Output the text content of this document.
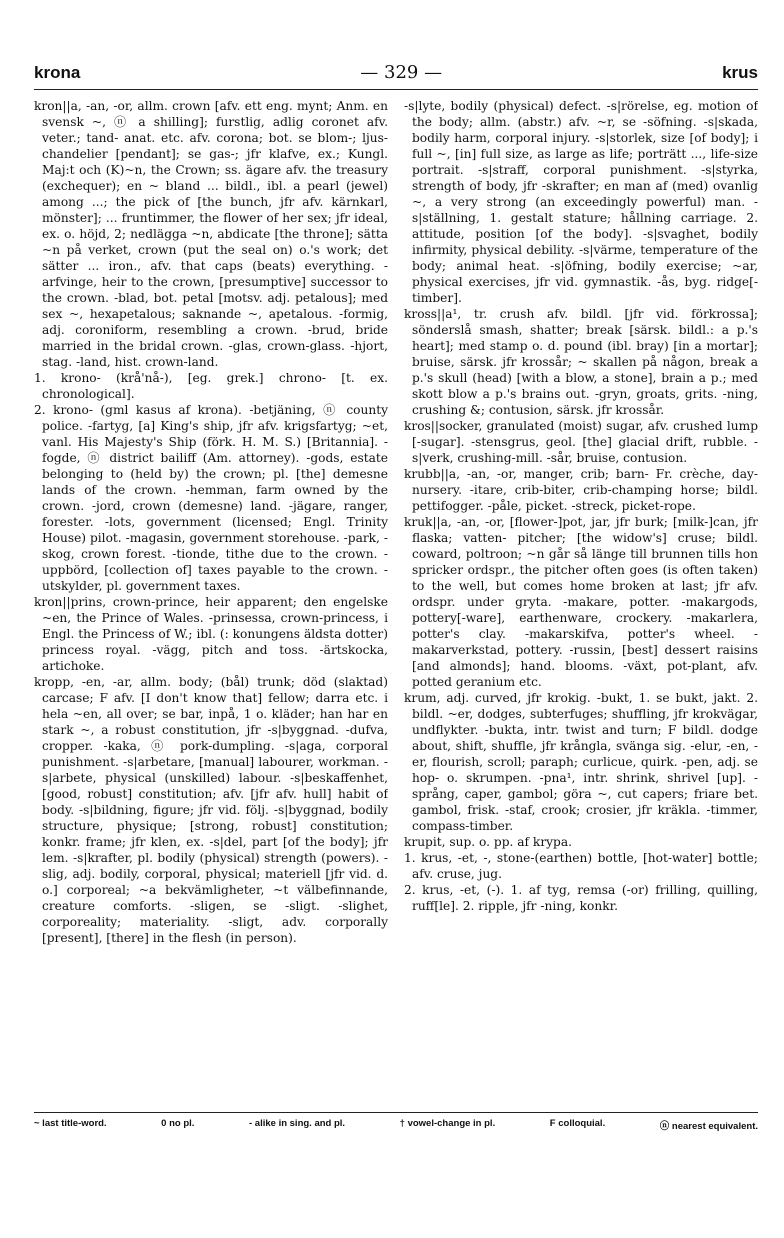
krona	— 329 —	krus

kron||a, -an, -or, allm. crown [afv. ett eng. mynt; Anm. en svensk ~, ⓝ a shilling]; furstlig, adlig coronet afv. veter.; tand- anat. etc. afv. corona; bot. se blom-; ljus- chandelier [pendant]; se gas-; jfr klafve, ex.; Kungl. Maj:t och (K)~n, the Crown; ss. ägare afv. the treasury (exchequer); en ~ bland ... bildl., ibl. a pearl (jewel) among ...; the pick of [the bunch, jfr afv. kärnkarl, mönster]; ... fruntimmer, the flower of her sex; jfr ideal, ex. o. höjd, 2; nedlägga ~n, abdicate [the throne]; sätta ~n på verket, crown (put the seal on) o.'s work; det sätter ... iron., afv. that caps (beats) everything. -arfvinge, heir to the crown, [presumptive] successor to the crown. -blad, bot. petal [motsv. adj. petalous]; med sex ~, hexapetalous; saknande ~, apetalous. -formig, adj. coroniform, resembling a crown. -brud, bride married in the bridal crown. -glas, crown-glass. -hjort, stag. -land, hist. crown-land.

1. krono- (krå'nå-), [eg. grek.] chrono- [t. ex. chronological].

2. krono- (gml kasus af krona). -betjäning, ⓝ county police. -fartyg, [a] King's ship, jfr afv. krigsfartyg; ~et, vanl. His Majesty's Ship (förk. H. M. S.) [Britannia]. -fogde, ⓝ district bailiff (Am. attorney). -gods, estate belonging to (held by) the crown; pl. [the] demesne lands of the crown. -hemman, farm owned by the crown. -jord, crown (demesne) land. -jägare, ranger, forester. -lots, government (licensed; Engl. Trinity House) pilot. -magasin, government storehouse. -park, -skog, crown forest. -tionde, tithe due to the crown. -uppbörd, [collection of] taxes payable to the crown. -utskylder, pl. government taxes.

kron||prins, crown-prince, heir apparent; den engelske ~en, the Prince of Wales. -prinsessa, crown-princess, i Engl. the Princess of W.; ibl. (: konungens äldsta dotter) princess royal. -vägg, pitch and toss. -ärtskocka, artichoke.

kropp, -en, -ar, allm. body; (bål) trunk; död (slaktad) carcase; F afv. [I don't know that] fellow; darra etc. i hela ~en, all over; se bar, inpå, 1 o. kläder; han har en stark ~, a robust constitution, jfr -s|byggnad. -dufva, cropper. -kaka, ⓝ pork-dumpling. -s|aga, corporal punishment. -s|arbetare, [manual] labourer, workman. -s|arbete, physical (unskilled) labour. -s|beskaffenhet, [good, robust] constitution; afv. [jfr afv. hull] habit of body. -s|bildning, figure; jfr vid. följ. -s|byggnad, bodily structure, physique; [strong, robust] constitution; konkr. frame; jfr klen, ex. -s|del, part [of the body]; jfr lem. -s|krafter, pl. bodily (physical) strength (powers). -slig, adj. bodily, corporal, physical; materiell [jfr vid. d. o.] corporeal; ~a bekvämligheter, ~t välbefinnande, creature comforts. -sligen, se -sligt. -slighet, corporeality; materiality. -sligt, adv. corporally [present], [there] in the flesh (in person).

-s|lyte, bodily (physical) defect. -s|rörelse, eg. motion of the body; allm. (abstr.) afv. ~r, se -söfning. -s|skada, bodily harm, corporal injury. -s|storlek, size [of body]; i full ~, [in] full size, as large as life; porträtt ..., life-size portrait. -s|straff, corporal punishment. -s|styrka, strength of body, jfr -skrafter; en man af (med) ovanlig ~, a very strong (an exceedingly powerful) man. -s|ställning, 1. gestalt stature; hållning carriage. 2. attitude, position [of the body]. -s|svaghet, bodily infirmity, physical debility. -s|värme, temperature of the body; animal heat. -s|öfning, bodily exercise; ~ar, physical exercises, jfr vid. gymnastik. -ås, byg. ridge[-timber].

kross||a¹, tr. crush afv. bildl. [jfr vid. förkrossa]; sönderslå smash, shatter; break [särsk. bildl.: a p.'s heart]; med stamp o. d. pound (ibl. bray) [in a mortar]; bruise, särsk. jfr krossår; ~ skallen på någon, break a p.'s skull (head) [with a blow, a stone], brain a p.; med skott blow a p.'s brains out. -gryn, groats, grits. -ning, crushing &; contusion, särsk. jfr krossår.

kros||socker, granulated (moist) sugar, afv. crushed lump [-sugar]. -stensgrus, geol. [the] glacial drift, rubble. -s|verk, crushing-mill. -sår, bruise, contusion.

krubb||a, -an, -or, manger, crib; barn- Fr. crèche, day-nursery. -itare, crib-biter, crib-champing horse; bildl. pettifogger. -påle, picket. -streck, picket-rope.

kruk||a, -an, -or, [flower-]pot, jar, jfr burk; [milk-]can, jfr flaska; vatten- pitcher; [the widow's] cruse; bildl. coward, poltroon; ~n går så länge till brunnen tills hon spricker ordspr., the pitcher often goes (is often taken) to the well, but comes home broken at last; jfr afv. ordspr. under gryta. -makare, potter. -makargods, pottery[-ware], earthenware, crockery. -makarlera, potter's clay. -makarskifva, potter's wheel. -makarverkstad, pottery. -russin, [best] dessert raisins [and almonds]; hand. blooms. -växt, pot-plant, afv. potted geranium etc.

krum, adj. curved, jfr krokig. -bukt, 1. se bukt, jakt. 2. bildl. ~er, dodges, subterfuges; shuffling, jfr krokvägar, undflykter. -bukta, intr. twist and turn; F bildl. dodge about, shift, shuffle, jfr krångla, svänga sig. -elur, -en, -er, flourish, scroll; paraph; curlicue, quirk. -pen, adj. se hop- o. skrumpen. -pna¹, intr. shrink, shrivel [up]. -språng, caper, gambol; göra ~, cut capers; friare bet. gambol, frisk. -staf, crook; crosier, jfr kräkla. -timmer, compass-timber.

krupit, sup. o. pp. af krypa.

1. krus, -et, -, stone-(earthen) bottle, [hot-water] bottle; afv. cruse, jug.

2. krus, -et, (-). 1. af tyg, remsa (-or) frilling, quilling, ruff[le]. 2. ripple, jfr -ning, konkr.

~ last title-word.	0 no pl.	- alike in sing. and pl.	† vowel-change in pl.	F colloquial.	ⓝ nearest equivalent.
